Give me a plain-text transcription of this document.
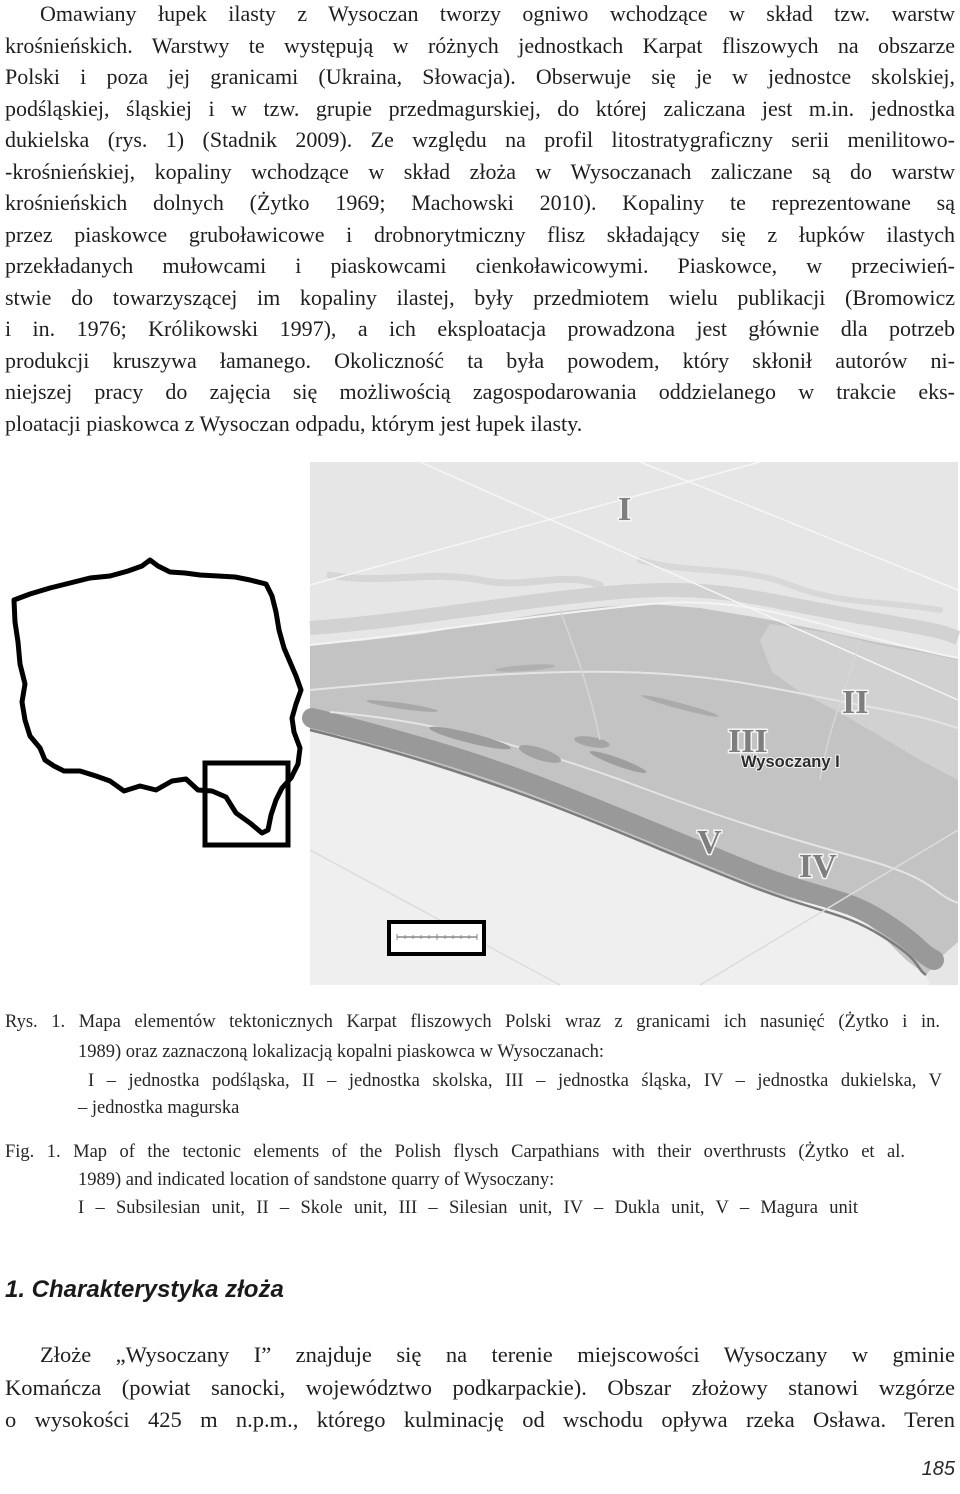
Omawiany łupek ilasty z Wysoczan tworzy ogniwo wchodzące w skład tzw. warstw
krośnieńskich. Warstwy te występują w różnych jednostkach Karpat fliszowych na obszarze
Polski i poza jej granicami (Ukraina, Słowacja). Obserwuje się je w jednostce skolskiej,
podśląskiej, śląskiej i w tzw. grupie przedmagurskiej, do której zaliczana jest m.in. jednostka
dukielska (rys. 1) (Stadnik 2009). Ze względu na profil litostratygraficzny serii menilitowo-
-krośnieńskiej, kopaliny wchodzące w skład złoża w Wysoczanach zaliczane są do warstw
krośnieńskich dolnych (Żytko 1969; Machowski 2010). Kopaliny te reprezentowane są
przez piaskowce gruboławicowe i drobnorytmiczny flisz składający się z łupków ilastych
przekładanych mułowcami i piaskowcami cienkoławicowymi. Piaskowce, w przeciwień-
stwie do towarzyszącej im kopaliny ilastej, były przedmiotem wielu publikacji (Bromowicz
i in. 1976; Królikowski 1997), a ich eksploatacja prowadzona jest głównie dla potrzeb
produkcji kruszywa łamanego. Okoliczność ta była powodem, który skłonił autorów ni-
niejszej pracy do zajęcia się możliwością zagospodarowania oddzielanego w trakcie eks-
ploatacji piaskowca z Wysoczan odpadu, którym jest łupek ilasty.
I
II
III
Wysoczany I
V
IV
Rys. 1. Mapa elementów tektonicznych Karpat fliszowych Polski wraz z granicami ich nasunięć (Żytko i in.
1989) oraz zaznaczoną lokalizacją kopalni piaskowca w Wysoczanach:
I – jednostka podśląska, II – jednostka skolska, III – jednostka śląska, IV – jednostka dukielska, V
– jednostka magurska
Fig. 1. Map of the tectonic elements of the Polish flysch Carpathians with their overthrusts (Żytko et al.
1989) and indicated location of sandstone quarry of Wysoczany:
I – Subsilesian unit, II – Skole unit, III – Silesian unit, IV – Dukla unit, V – Magura unit
1. Charakterystyka złoża
Złoże „Wysoczany I” znajduje się na terenie miejscowości Wysoczany w gminie
Komańcza (powiat sanocki, województwo podkarpackie). Obszar złożowy stanowi wzgórze
o wysokości 425 m n.p.m., którego kulminację od wschodu opływa rzeka Osława. Teren
185
